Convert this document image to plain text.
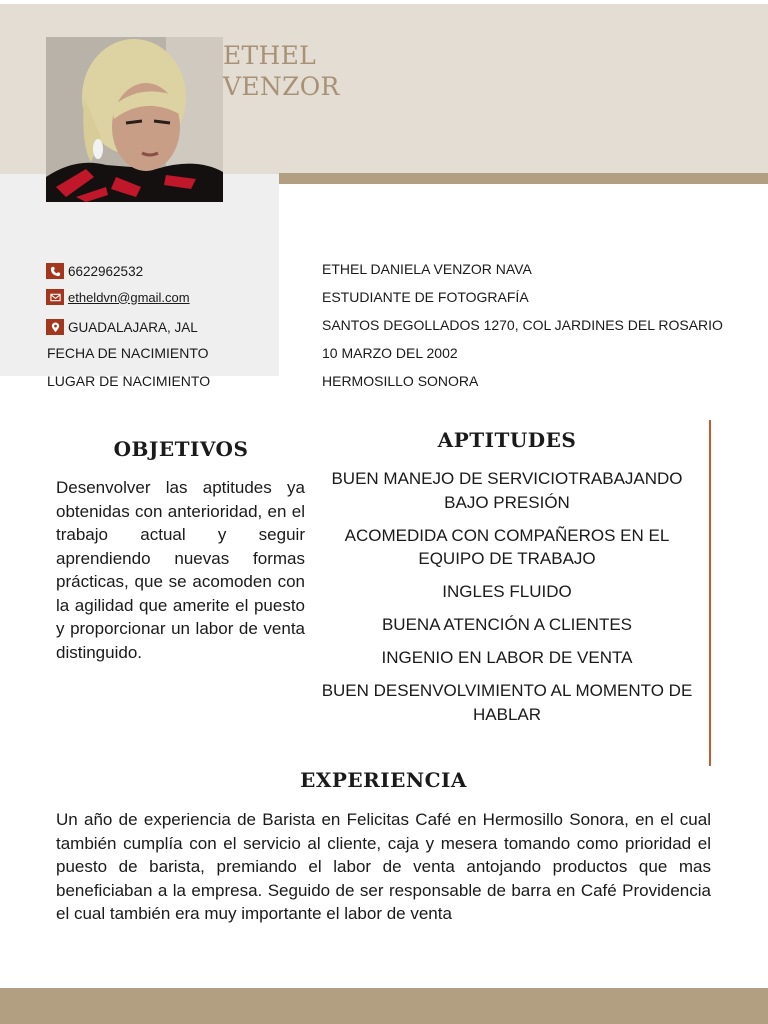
ETHEL
VENZOR
6622962532
etheldvn@gmail.com
GUADALAJARA, JAL
FECHA DE NACIMIENTO
LUGAR DE NACIMIENTO
ETHEL DANIELA VENZOR NAVA
ESTUDIANTE DE FOTOGRAFÍA
SANTOS DEGOLLADOS 1270, COL JARDINES DEL ROSARIO
10 MARZO DEL 2002
HERMOSILLO SONORA
OBJETIVOS
Desenvolver las aptitudes ya obtenidas con anterioridad, en el trabajo actual y seguir aprendiendo nuevas formas prácticas, que se acomoden con la agilidad que amerite el puesto y proporcionar un labor de venta distinguido.
APTITUDES
BUEN MANEJO DE SERVICIOTRABAJANDO BAJO PRESIÓN
ACOMEDIDA CON COMPAÑEROS EN EL EQUIPO DE TRABAJO
INGLES FLUIDO
BUENA ATENCIÓN A CLIENTES
INGENIO EN LABOR DE VENTA
BUEN DESENVOLVIMIENTO AL MOMENTO DE HABLAR
EXPERIENCIA
Un año de experiencia de Barista en Felicitas Café en Hermosillo Sonora, en el cual también cumplía con el servicio al cliente, caja y mesera tomando como prioridad el puesto de barista, premiando el labor de venta antojando productos que mas beneficiaban a la empresa. Seguido de ser responsable de barra en Café Providencia el cual también era muy importante el labor de venta
